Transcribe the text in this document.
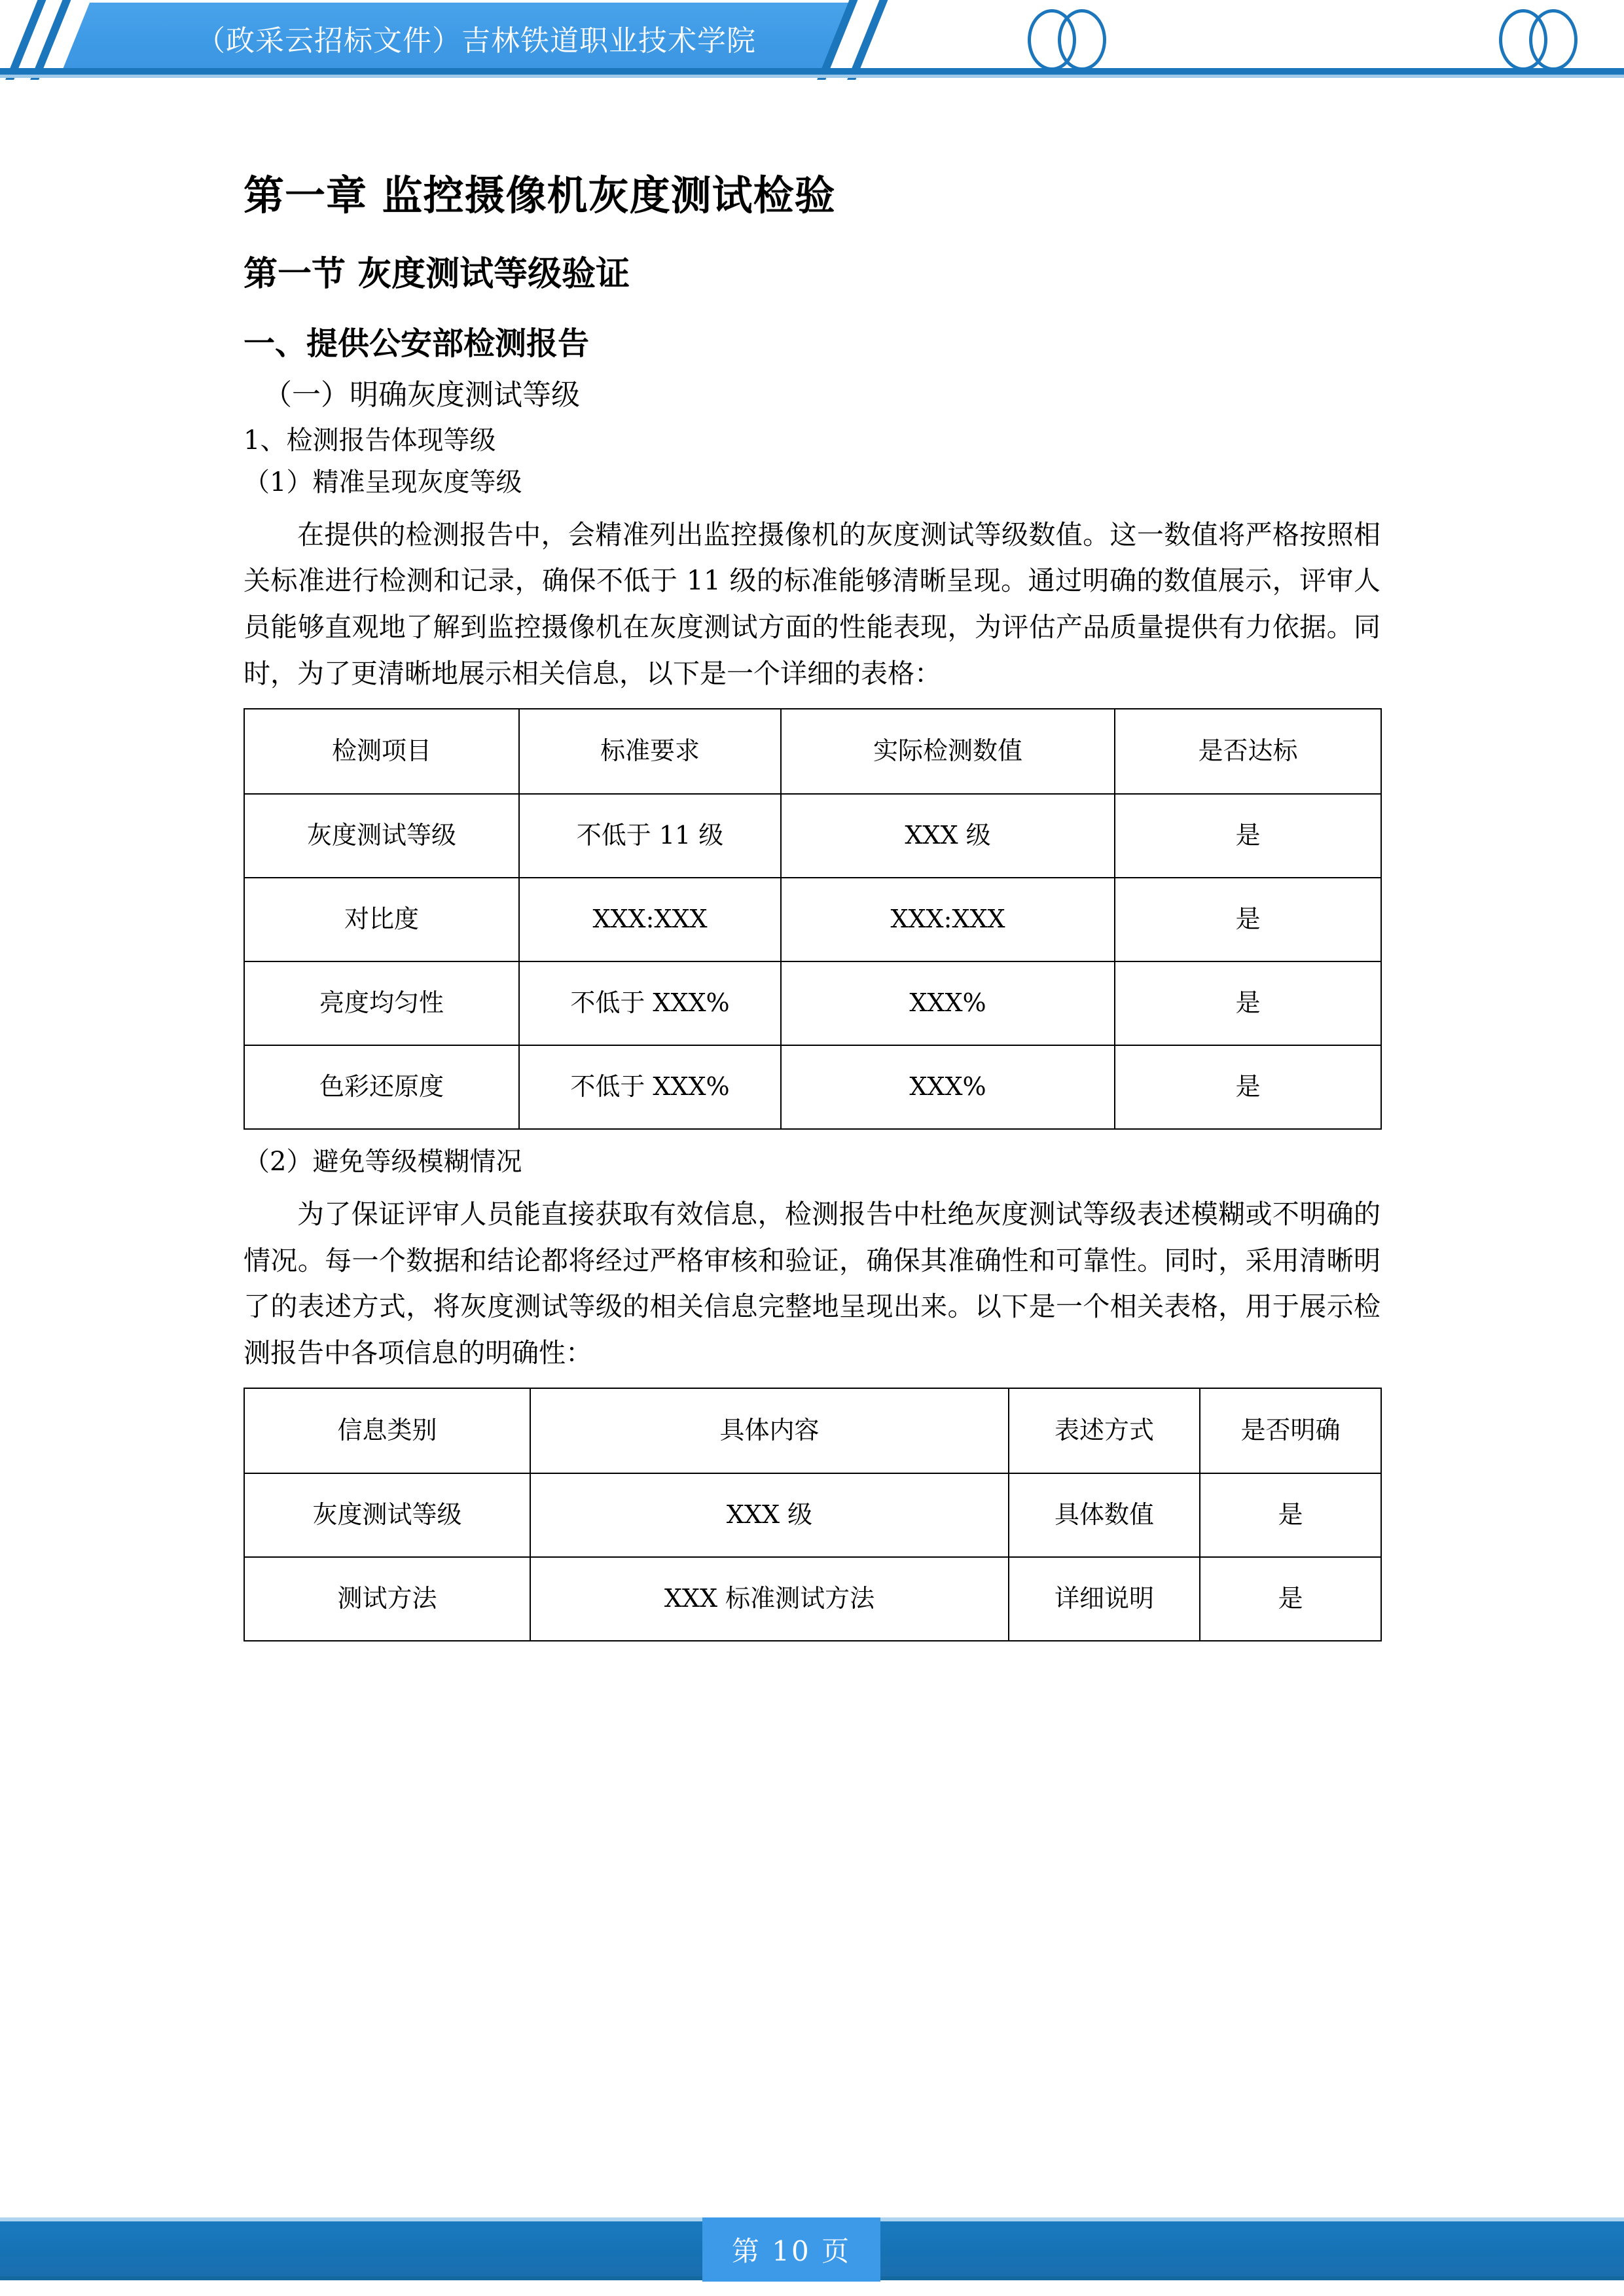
（政采云招标文件）吉林铁道职业技术学院
第一章 监控摄像机灰度测试检验
第一节 灰度测试等级验证
一、提供公安部检测报告
（一）明确灰度测试等级
1、检测报告体现等级
（1）精准呈现灰度等级

在提供的检测报告中，会精准列出监控摄像机的灰度测试等级数值。这一数值将严格按照相关标准进行检测和记录，确保不低于 11 级的标准能够清晰呈现。通过明确的数值展示，评审人员能够直观地了解到监控摄像机在灰度测试方面的性能表现，为评估产品质量提供有力依据。同时，为了更清晰地展示相关信息，以下是一个详细的表格：

检测项目	标准要求	实际检测数值	是否达标
灰度测试等级	不低于 11 级	XXX 级	是
对比度	XXX:XXX	XXX:XXX	是
亮度均匀性	不低于 XXX%	XXX%	是
色彩还原度	不低于 XXX%	XXX%	是
（2）避免等级模糊情况

为了保证评审人员能直接获取有效信息，检测报告中杜绝灰度测试等级表述模糊或不明确的情况。每一个数据和结论都将经过严格审核和验证，确保其准确性和可靠性。同时，采用清晰明了的表述方式，将灰度测试等级的相关信息完整地呈现出来。以下是一个相关表格，用于展示检测报告中各项信息的明确性：

信息类别	具体内容	表述方式	是否明确
灰度测试等级	XXX 级	具体数值	是
测试方法	XXX 标准测试方法	详细说明	是
第 10 页
